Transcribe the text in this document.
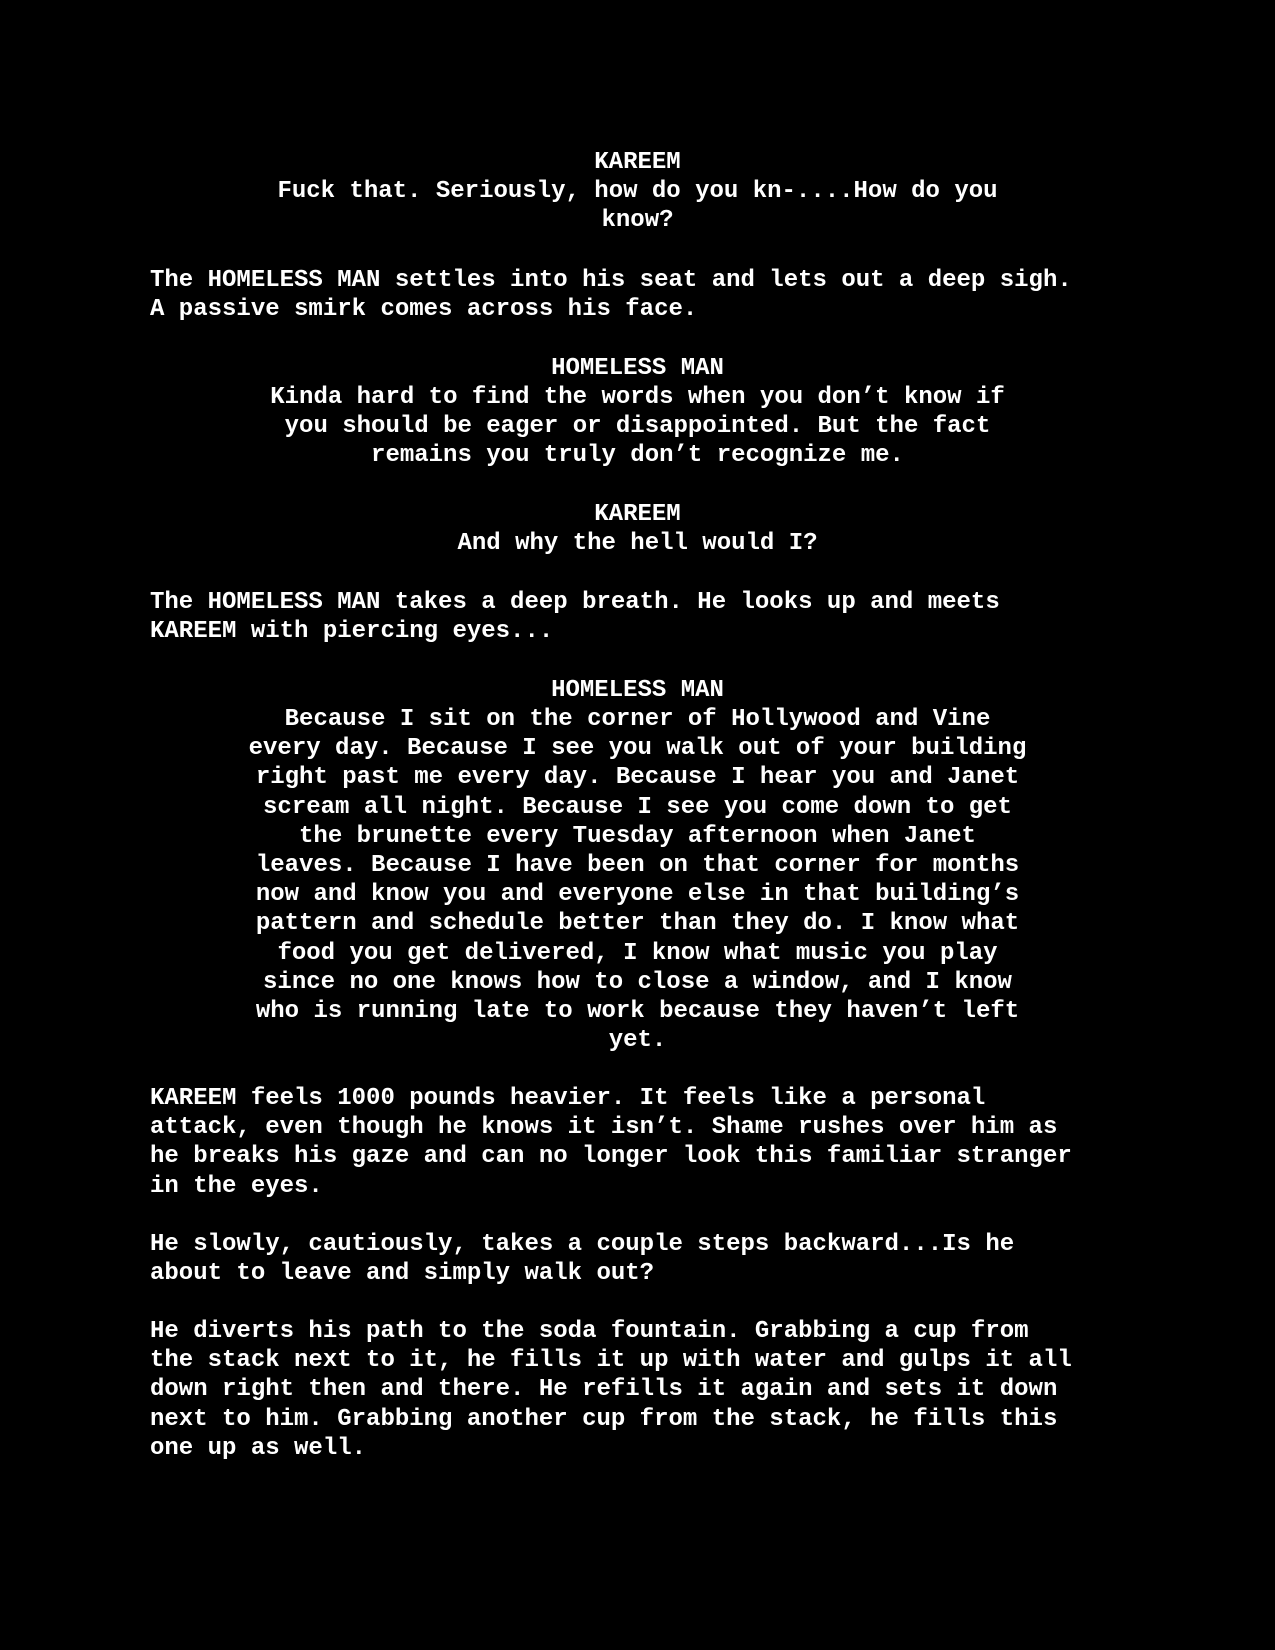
KAREEM

Fuck that. Seriously, how do you kn-....How do you
know?

The HOMELESS MAN settles into his seat and lets out a deep sigh.
A passive smirk comes across his face.

HOMELESS MAN

Kinda hard to find the words when you don’t know if
you should be eager or disappointed. But the fact
remains you truly don’t recognize me.

KAREEM

And why the hell would I?

The HOMELESS MAN takes a deep breath. He looks up and meets
KAREEM with piercing eyes...

HOMELESS MAN

Because I sit on the corner of Hollywood and Vine
every day. Because I see you walk out of your building
right past me every day. Because I hear you and Janet
scream all night. Because I see you come down to get
the brunette every Tuesday afternoon when Janet
leaves. Because I have been on that corner for months
now and know you and everyone else in that building’s
pattern and schedule better than they do. I know what
food you get delivered, I know what music you play
since no one knows how to close a window, and I know
who is running late to work because they haven’t left
yet.

KAREEM feels 1000 pounds heavier. It feels like a personal
attack, even though he knows it isn’t. Shame rushes over him as
he breaks his gaze and can no longer look this familiar stranger
in the eyes.

He slowly, cautiously, takes a couple steps backward...Is he
about to leave and simply walk out?

He diverts his path to the soda fountain. Grabbing a cup from
the stack next to it, he fills it up with water and gulps it all
down right then and there. He refills it again and sets it down
next to him. Grabbing another cup from the stack, he fills this
one up as well.
